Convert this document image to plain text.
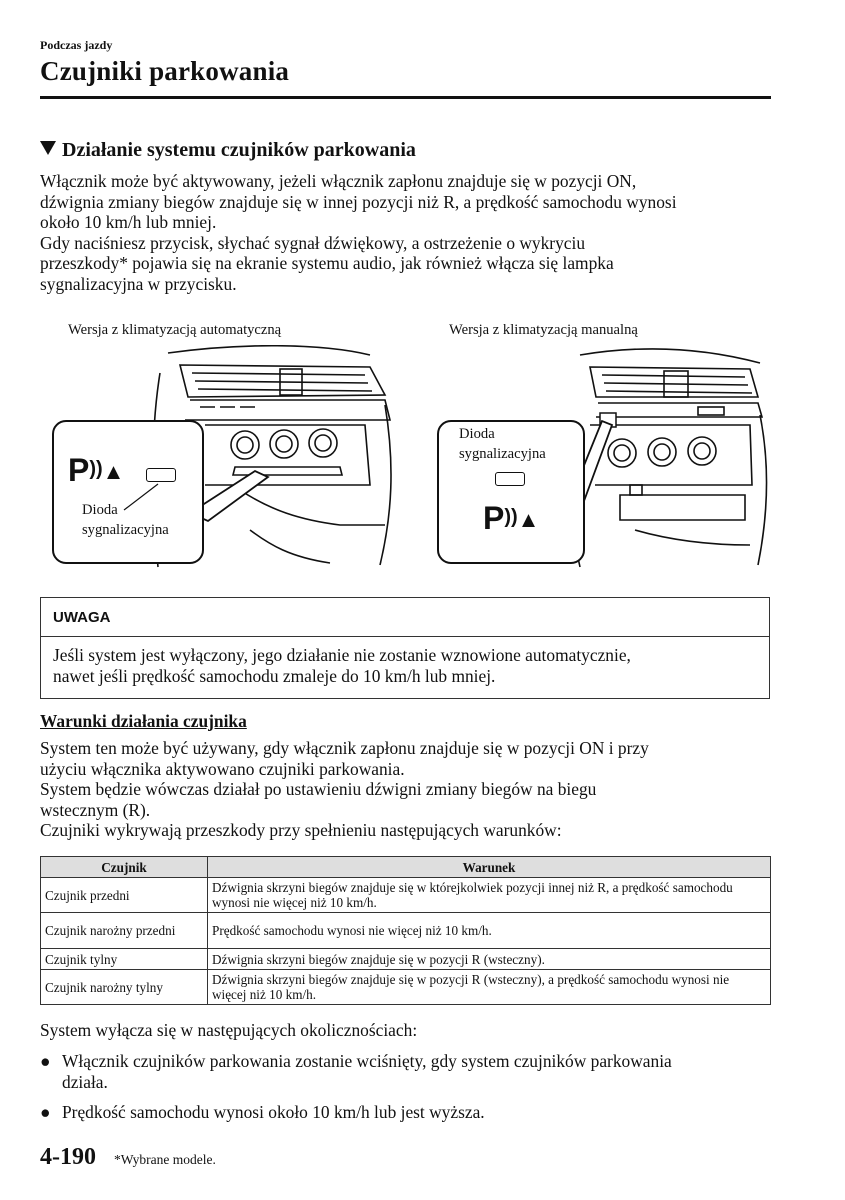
Podczas jazdy
Czujniki parkowania
Działanie systemu czujników parkowania
Włącznik może być aktywowany, jeżeli włącznik zapłonu znajduje się w pozycji ON,
dźwignia zmiany biegów znajduje się w innej pozycji niż R, a prędkość samochodu wynosi
około 10 km/h lub mniej.
Gdy naciśniesz przycisk, słychać sygnał dźwiękowy, a ostrzeżenie o wykryciu
przeszkody* pojawia się na ekranie systemu audio, jak również włącza się lampka
sygnalizacyjna w przycisku.
Wersja z klimatyzacją automatyczną
P))▲
Dioda
sygnalizacyjna
Wersja z klimatyzacją manualną
Dioda
sygnalizacyjna
P))▲
UWAGA
Jeśli system jest wyłączony, jego działanie nie zostanie wznowione automatycznie,
nawet jeśli prędkość samochodu zmaleje do 10 km/h lub mniej.
Warunki działania czujnika
System ten może być używany, gdy włącznik zapłonu znajduje się w pozycji ON i przy
użyciu włącznika aktywowano czujniki parkowania.
System będzie wówczas działał po ustawieniu dźwigni zmiany biegów na biegu
wstecznym (R).
Czujniki wykrywają przeszkody przy spełnieniu następujących warunków:
Czujnik	Warunek
Czujnik przedni	Dźwignia skrzyni biegów znajduje się w którejkolwiek pozycji innej niż R, a prędkość samochodu wynosi nie więcej niż 10 km/h.
Czujnik narożny przedni	Prędkość samochodu wynosi nie więcej niż 10 km/h.
Czujnik tylny	Dźwignia skrzyni biegów znajduje się w pozycji R (wsteczny).
Czujnik narożny tylny	Dźwignia skrzyni biegów znajduje się w pozycji R (wsteczny), a prędkość samochodu wynosi nie więcej niż 10 km/h.
System wyłącza się w następujących okolicznościach:
● Włącznik czujników parkowania zostanie wciśnięty, gdy system czujników parkowania
działa.
● Prędkość samochodu wynosi około 10 km/h lub jest wyższa.
4-190 *Wybrane modele.
